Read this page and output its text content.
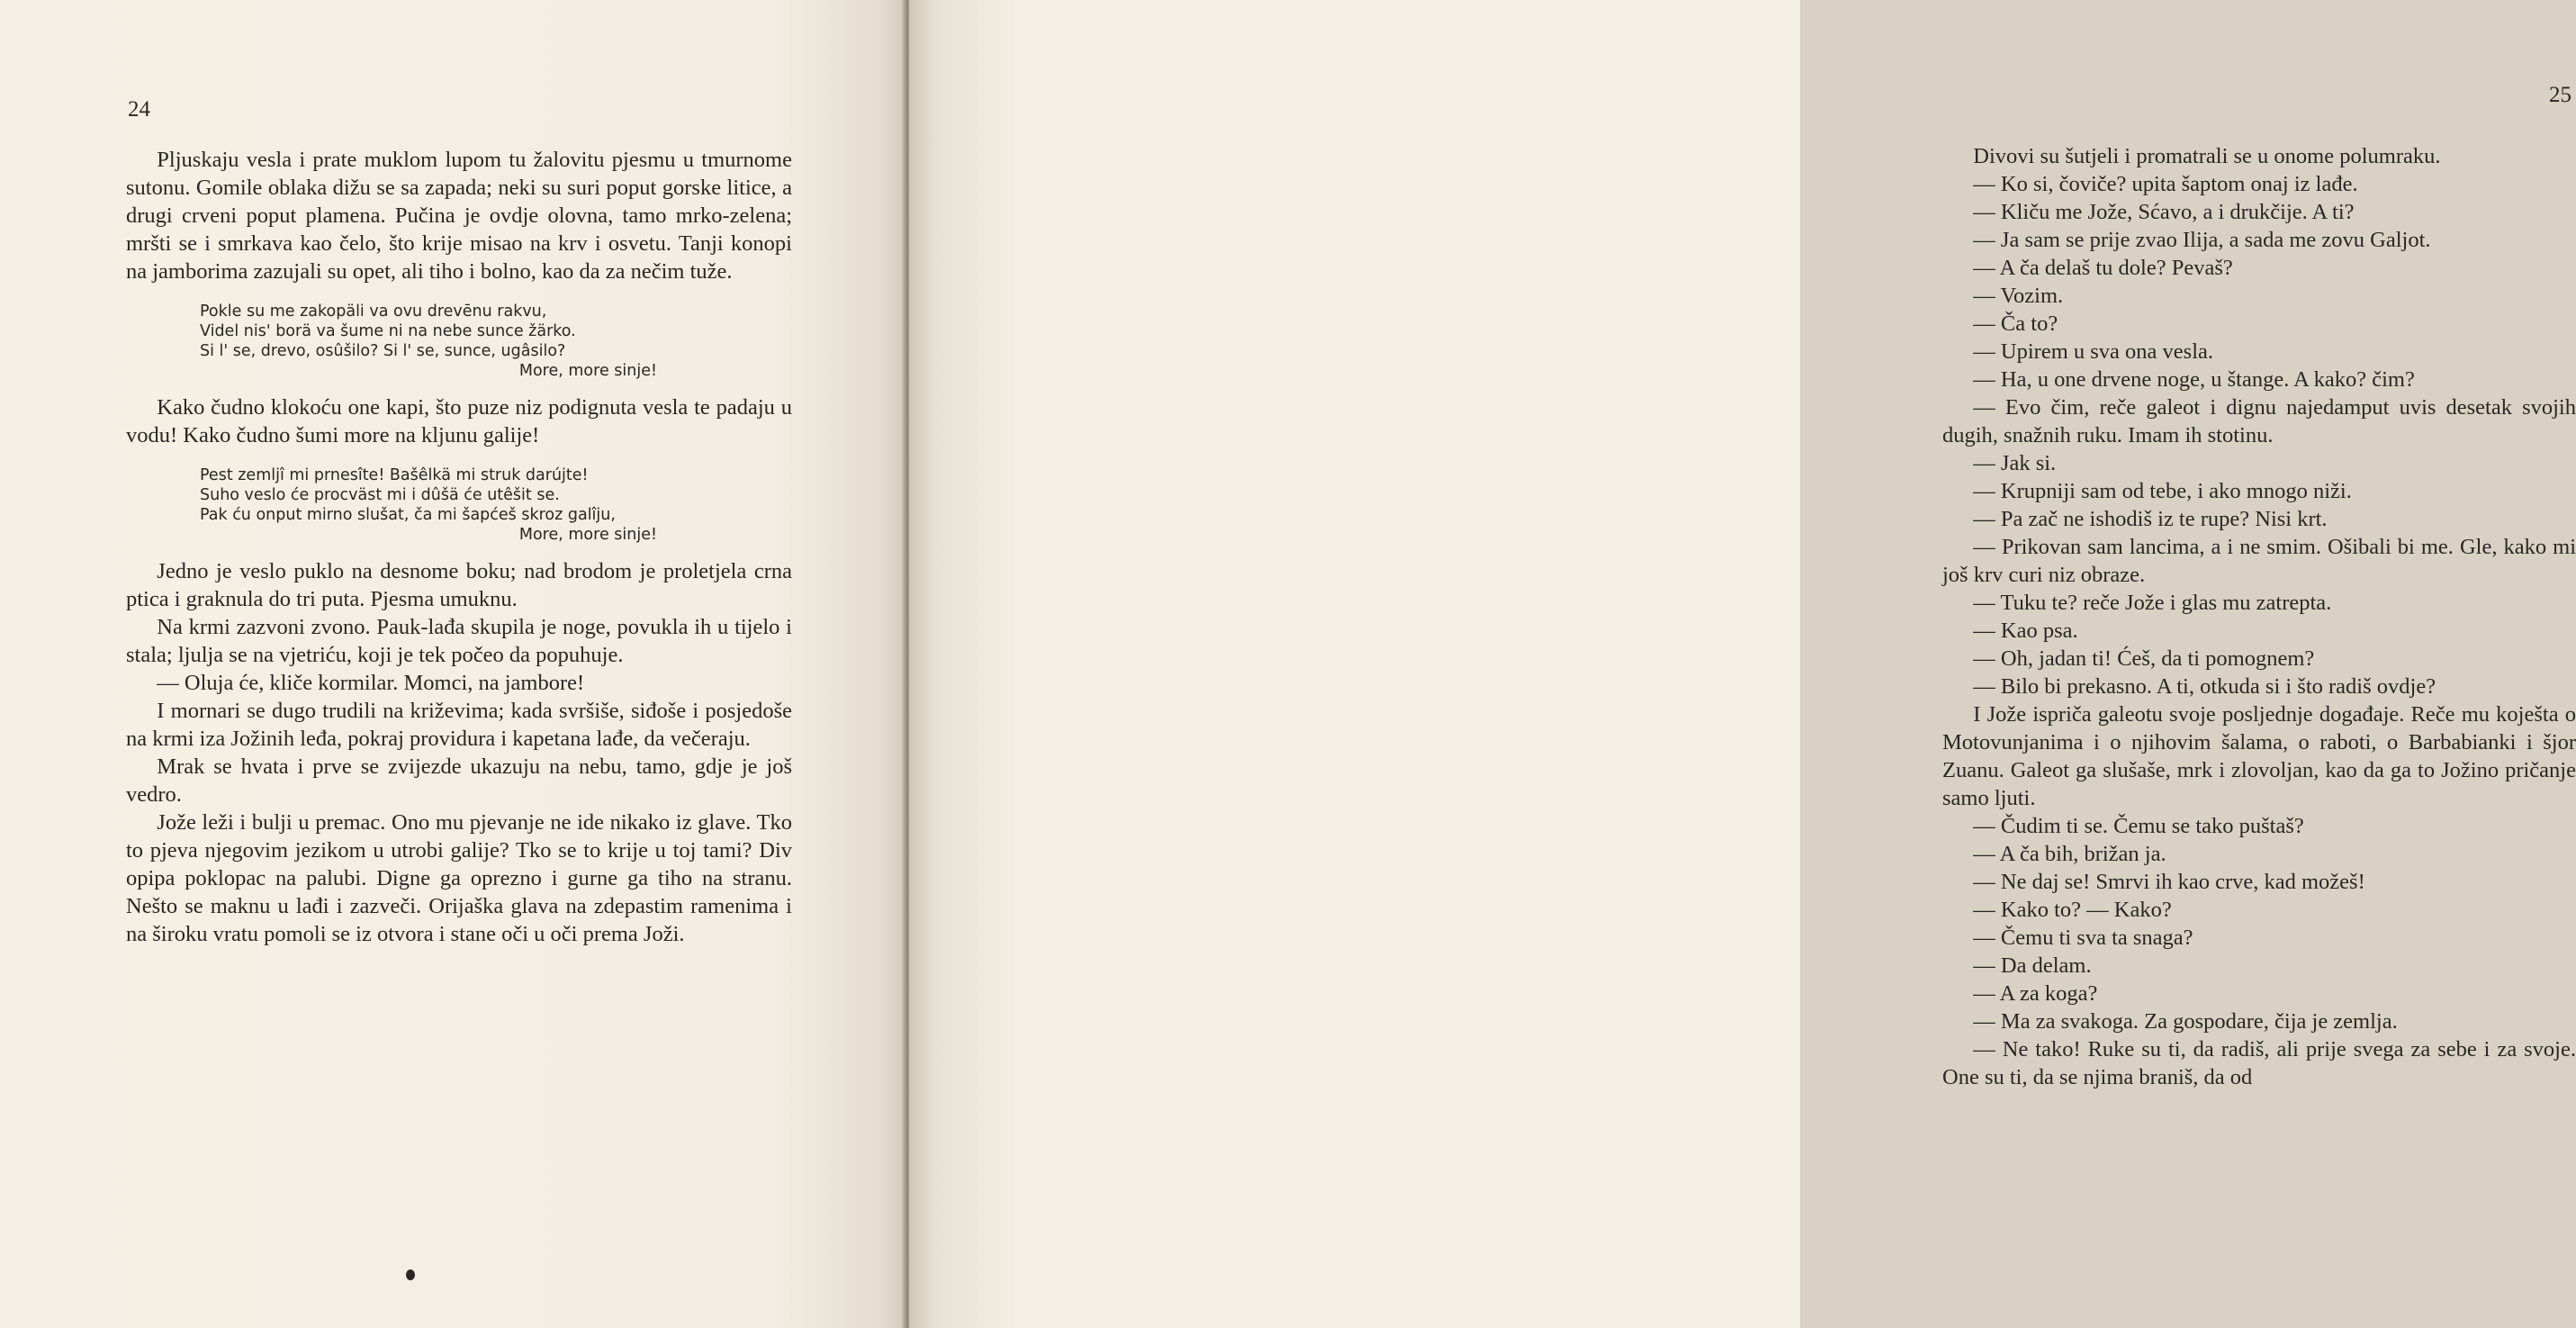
24

Pljuskaju vesla i prate muklom lupom tu žalovitu pjesmu u tmurnome sutonu. Gomile oblaka dižu se sa zapada; neki su suri poput gorske litice, a drugi crveni poput plamena. Pučina je ovdje olovna, tamo mrko-zelena; mršti se i smrkava kao čelo, što krije misao na krv i osvetu. Tanji konopi na jamborima zazujali su opet, ali tiho i bolno, kao da za nečim tuže.

Pokle su me zakopäli va ovu drevēnu rakvu,
Videl nis' borä va šume ni na nebe sunce žärko.
Si l' se, drevo, osûšilo? Si l' se, sunce, ugâsilo?
More, more sinje!

Kako čudno klokoću one kapi, što puze niz podignuta vesla te padaju u vodu! Kako čudno šumi more na kljunu galije!

Pest zemljî mi prnesîte! Bašêlkä mi struk darújte!
Suho veslo će procväst mi i dûšä će utêšit se.
Pak ću onput mirno slušat, ča mi šapćeš skroz galîju,
More, more sinje!

Jedno je veslo puklo na desnome boku; nad brodom je proletjela crna ptica i graknula do tri puta. Pjesma umuknu.

Na krmi zazvoni zvono. Pauk-lađa skupila je noge, povukla ih u tijelo i stala; ljulja se na vjetriću, koji je tek počeo da popuhuje.

— Oluja će, kliče kormilar. Momci, na jambore!

I mornari se dugo trudili na križevima; kada svršiše, siđoše i posjedoše na krmi iza Jožinih leđa, pokraj providura i kapetana lađe, da večeraju.

Mrak se hvata i prve se zvijezde ukazuju na nebu, tamo, gdje je još vedro.

Jože leži i bulji u premac. Ono mu pjevanje ne ide nikako iz glave. Tko to pjeva njegovim jezikom u utrobi galije? Tko se to krije u toj tami? Div opipa poklopac na palubi. Digne ga oprezno i gurne ga tiho na stranu. Nešto se maknu u lađi i zazveči. Orijaška glava na zdepastim ramenima i na široku vratu pomoli se iz otvora i stane oči u oči prema Joži.

25

Divovi su šutjeli i promatrali se u onome polumraku.

— Ko si, čoviče? upita šaptom onaj iz lađe.

— Kliču me Jože, Sćavo, a i drukčije. A ti?

— Ja sam se prije zvao Ilija, a sada me zovu Galjot.

— A ča delaš tu dole? Pevaš?

— Vozim.

— Ča to?

— Upirem u sva ona vesla.

— Ha, u one drvene noge, u štange. A kako? čim?

— Evo čim, reče galeot i dignu najedamput uvis desetak svojih dugih, snažnih ruku. Imam ih stotinu.

— Jak si.

— Krupniji sam od tebe, i ako mnogo niži.

— Pa zač ne ishodiš iz te rupe? Nisi krt.

— Prikovan sam lancima, a i ne smim. Ošibali bi me. Gle, kako mi još krv curi niz obraze.

— Tuku te? reče Jože i glas mu zatrepta.

— Kao psa.

— Oh, jadan ti! Ćeš, da ti pomognem?

— Bilo bi prekasno. A ti, otkuda si i što radiš ovdje?

I Jože ispriča galeotu svoje posljednje događaje. Reče mu koješta o Motovunjanima i o njihovim šalama, o raboti, o Barbabianki i šjor Zuanu. Galeot ga slušaše, mrk i zlovoljan, kao da ga to Jožino pričanje samo ljuti.

— Čudim ti se. Čemu se tako puštaš?

— A ča bih, brižan ja.

— Ne daj se! Smrvi ih kao crve, kad možeš!

— Kako to? — Kako?

— Čemu ti sva ta snaga?

— Da delam.

— A za koga?

— Ma za svakoga. Za gospodare, čija je zemlja.

— Ne tako! Ruke su ti, da radiš, ali prije svega za sebe i za svoje. One su ti, da se njima braniš, da od
